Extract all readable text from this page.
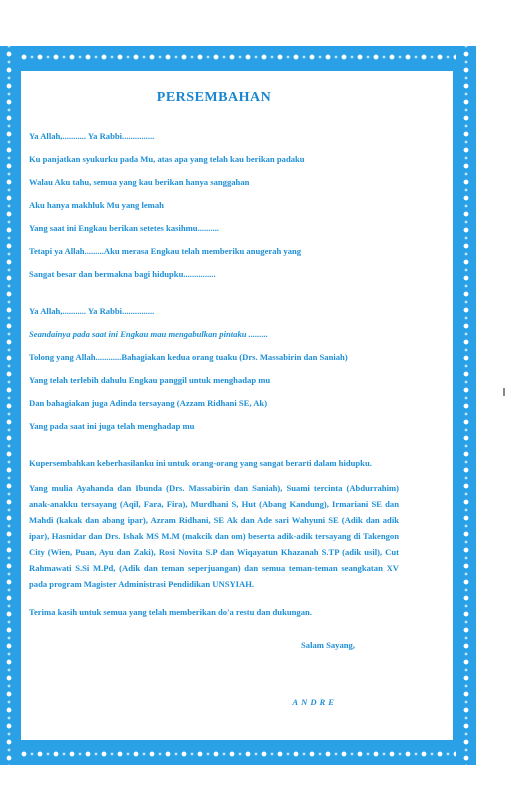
PERSEMBAHAN

Ya Allah,........... Ya Rabbi...............

Ku panjatkan syukurku pada Mu, atas apa yang telah kau berikan padaku

Walau Aku tahu, semua yang kau berikan hanya sanggahan

Aku hanya makhluk Mu yang lemah

Yang saat ini Engkau berikan setetes kasihmu..........

Tetapi ya Allah.........Aku merasa Engkau telah memberiku anugerah yang

Sangat besar dan bermakna bagi hidupku...............

Ya Allah,........... Ya Rabbi...............

Seandainya pada saat ini Engkau mau mengabulkan pintaku .........

Tolong yang Allah............Bahagiakan kedua orang tuaku (Drs. Massabirin dan Saniah)

Yang telah terlebih dahulu Engkau panggil untuk menghadap mu

Dan bahagiakan juga Adinda tersayang (Azzam Ridhani SE, Ak)

Yang pada saat ini juga telah menghadap mu

Kupersembahkan keberhasilanku ini untuk orang-orang yang sangat berarti dalam hidupku.

Yang mulia Ayahanda dan Ibunda (Drs. Massabirin dan Saniah), Suami tercinta (Abdurrahim) anak-anakku tersayang (Aqil, Fara, Fira), Murdhani S, Hut (Abang Kandung), Irmariani SE dan Mahdi (kakak dan abang ipar), Azram Ridhani, SE Ak dan Ade sari Wahyuni SE (Adik dan adik ipar), Hasnidar dan Drs. Ishak MS M.M (makcik dan om) beserta adik-adik tersayang di Takengon City (Wien, Puan, Ayu dan Zaki), Rosi Novita S.P dan Wiqayatun Khazanah S.TP (adik usil), Cut Rahmawati S.Si M.Pd, (Adik dan teman seperjuangan) dan semua teman-teman seangkatan XV pada program Magister Administrasi Pendidikan UNSYIAH.

Terima kasih untuk semua yang telah memberikan do'a restu dan dukungan.

Salam Sayang,

ANDRE
